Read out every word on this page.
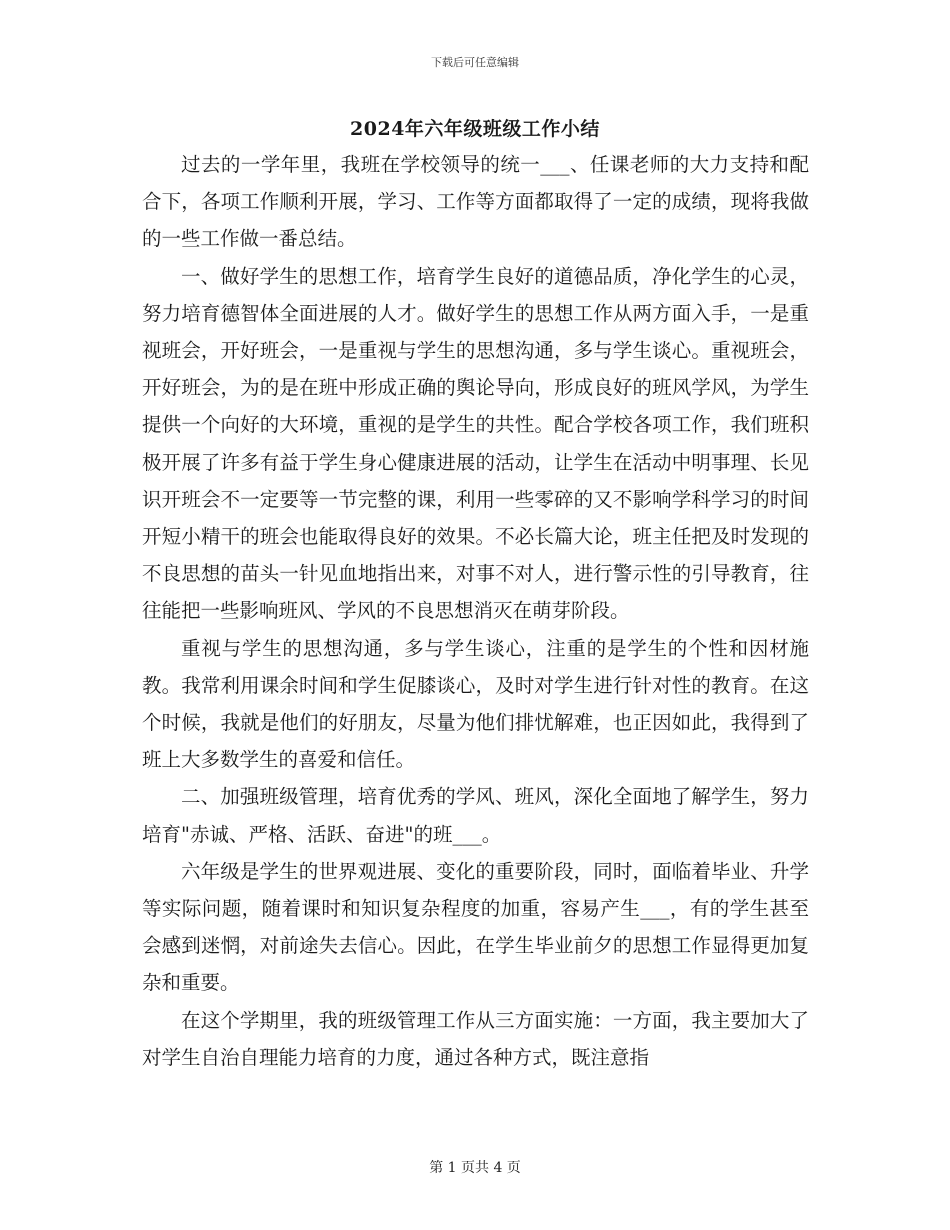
下载后可任意编辑
2024年六年级班级工作小结

过去的一学年里，我班在学校领导的统一___、任课老师的大力支持和配合下，各项工作顺利开展，学习、工作等方面都取得了一定的成绩，现将我做的一些工作做一番总结。

一、做好学生的思想工作，培育学生良好的道德品质，净化学生的心灵，努力培育德智体全面进展的人才。做好学生的思想工作从两方面入手，一是重视班会，开好班会，一是重视与学生的思想沟通，多与学生谈心。重视班会，开好班会，为的是在班中形成正确的舆论导向，形成良好的班风学风，为学生提供一个向好的大环境，重视的是学生的共性。配合学校各项工作，我们班积极开展了许多有益于学生身心健康进展的活动，让学生在活动中明事理、长见识开班会不一定要等一节完整的课，利用一些零碎的又不影响学科学习的时间开短小精干的班会也能取得良好的效果。不必长篇大论，班主任把及时发现的不良思想的苗头一针见血地指出来，对事不对人，进行警示性的引导教育，往往能把一些影响班风、学风的不良思想消灭在萌芽阶段。

重视与学生的思想沟通，多与学生谈心，注重的是学生的个性和因材施教。我常利用课余时间和学生促膝谈心，及时对学生进行针对性的教育。在这个时候，我就是他们的好朋友，尽量为他们排忧解难，也正因如此，我得到了班上大多数学生的喜爱和信任。

二、加强班级管理，培育优秀的学风、班风，深化全面地了解学生，努力培育"赤诚、严格、活跃、奋进"的班___。

六年级是学生的世界观进展、变化的重要阶段，同时，面临着毕业、升学等实际问题，随着课时和知识复杂程度的加重，容易产生___，有的学生甚至会感到迷惘，对前途失去信心。因此，在学生毕业前夕的思想工作显得更加复杂和重要。

在这个学期里，我的班级管理工作从三方面实施：一方面，我主要加大了对学生自治自理能力培育的力度，通过各种方式，既注意指

第 1 页共 4 页
